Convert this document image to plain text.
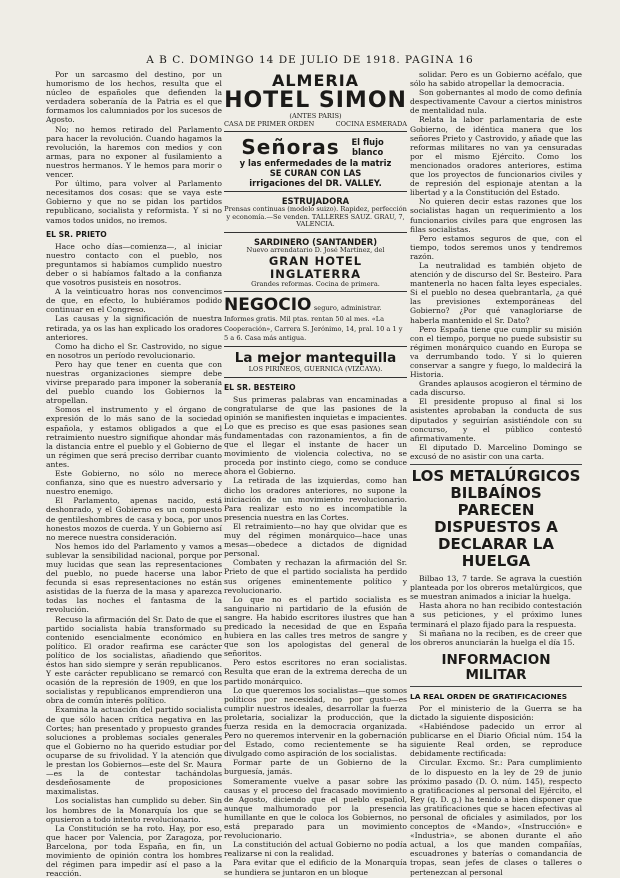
A B C. DOMINGO 14 DE JULIO DE 1918. PAGINA 16

Por un sarcasmo del destino, por un humorismo de los hechos, resulta que el núcleo de españoles que defienden la verdadera soberanía de la Patria es el que formamos los calumniados por los sucesos de Agosto.

No; no hemos retirado del Parlamento para hacer la revolución. Cuando hagamos la revolución, la haremos con medios y con armas, para no exponer al fusilamiento a nuestros hermanos. Y le hemos para morir o vencer.

Por último, para volver al Parlamento necesitamos dos cosas: que se vaya este Gobierno y que no se pidan los partidos republicano, socialista y reformista. Y si no vamos todos unidos, no iremos.

EL SR. PRIETO

Hace ocho días—comienza—, al iniciar nuestro contacto con el pueblo, nos preguntamos si habíamos cumplido nuestro deber o si habíamos faltado a la confianza que vosotros pusisteis en nosotros.

A la veinticuatro horas nos convencimos de que, en efecto, lo hubiéramos podido continuar en el Congreso.

Las causas y la significación de nuestra retirada, ya os las han explicado los oradores anteriores.

Como ha dicho el Sr. Castrovido, no sigue en nosotros un período revolucionario.

Pero hay que tener en cuenta que con nuestras organizaciones siempre debe vivirse preparado para imponer la soberanía del pueblo cuando los Gobiernos la atropellan.

Somos el instrumento y el órgano de expresión de lo más sano de la sociedad española, y estamos obligados a que el retraimiento nuestro signifique ahondar más la distancia entre el pueblo y el Gobierno de un régimen que será preciso derribar cuanto antes.

Este Gobierno, no sólo no merece confianza, sino que es nuestro adversario y nuestro enemigo.

El Parlamento, apenas nacido, está deshonrado, y el Gobierno es un compuesto de gentileshombres de casa y boca, por unos honestos mozos de cuerda. Y un Gobierno así no merece nuestra consideración.

Nos hemos ido del Parlamento y vamos a sublevar la sensibilidad nacional, porque por muy lucidas que sean las representaciones del pueblo, no puede hacerse una labor fecunda si esas representaciones no están asistidas de la fuerza de la masa y aparezca todas las noches el fantasma de la revolución.

Recuso la afirmación del Sr. Dato de que el partido socialista había transformado su contenido esencialmente económico en político. El orador reafirma ese carácter político de los socialistas, añadiendo que éstos han sido siempre y serán republicanos. Y este carácter republicano se remarcó con ocasión de la represión de 1909, en que los socialistas y republicanos emprendieron una obra de común interés político.

Examina la actuación del partido socialista de que sólo hacen crítica negativa en las Cortes; han presentado y propuesto grandes soluciones a problemas sociales generales que el Gobierno no ha querido estudiar por ocuparse de su frivolidad. Y la atención que le prestan los Gobiernos—este del Sr. Maura—es la de contestar tachándolas desdeñosamente de proposiciones maximalistas.

Los socialistas han cumplido su deber. Sin los hombres de la Monarquía los que se opusieron a todo intento revolucionario.

La Constitución se ha roto. Hay, por eso, que hacer por Valencia, por Zaragoza, por Barcelona, por toda España, en fin, un movimiento de opinión contra los hombres del régimen para impedir así el paso a la reacción.

ALMERIA
HOTEL SIMON
(ANTES PARIS)
CASA DE PRIMER ORDEN	COCINA ESMERADA
Señoras	El flujo blanco
y las enfermedades de la matriz
SE CURAN CON LAS
irrigaciones del DR. VALLEY.
ESTRUJADORA
Prensas continuas (modelo suizo). Rapidez, perfección y economía.—Se venden. TALLERES SAUZ. GRAU, 7, VALENCIA.
SARDINERO (SANTANDER)
Nuevo arrendatario D. José Martínez, del
GRAN HOTEL INGLATERRA
Grandes reformas. Cocina de primera.
NEGOCIO seguro, administrar. Informes gratis. Mil ptas. rentan 50 al mes. «La Cooperación», Carrera S. Jerónimo, 14, pral. 10 a 1 y 5 a 6. Casa más antigua.
La mejor mantequilla
LOS PIRINEOS, GUERNICA (VIZCAYA).
EL SR. BESTEIRO

Sus primeras palabras van encaminadas a congratularse de que las pasiones de la opinión se manifiesten inquietas e impacientes. Lo que es preciso es que esas pasiones sean fundamentadas con razonamientos, a fin de que el llegar el instante de hacer un movimiento de violencia colectiva, no se proceda por instinto ciego, como se conduce ahora el Gobierno.

La retirada de las izquierdas, como han dicho los oradores anteriores, no supone la iniciación de un movimiento revolucionario. Para realizar esto no es incompatible la presencia nuestra en las Cortes.

El retraimiento—no hay que olvidar que es muy del régimen monárquico—hace unas mesas—obedece a dictados de dignidad personal.

Combaten y rechazan la afirmación del Sr. Prieto de que el partido socialista ha perdido sus orígenes eminentemente político y revolucionario.

Lo que no es el partido socialista es sanguinario ni partidario de la efusión de sangre. Ha habido escritores ilustres que han predicado la necesidad de que en España hubiera en las calles tres metros de sangre y que son los apologistas del general de señoritos.

Pero estos escritores no eran socialistas. Resulta que eran de la extrema derecha de un partido monárquico.

Lo que queremos los socialistas—que somos políticos por necesidad, no por gusto—es cumplir nuestros ideales, desarrollar la fuerza proletaria, socializar la producción, que la fuerza resida en la democracia organizada. Pero no queremos intervenir en la gobernación del Estado, como recientemente se ha divulgado como aspiración de los socialistas.

Formar parte de un Gobierno de la burguesía, jamás.

Someramente vuelve a pasar sobre las causas y el proceso del fracasado movimiento de Agosto, diciendo que el pueblo español, aunque malhumorado por la presencia humillante en que le coloca los Gobiernos, no está preparado para un movimiento revolucionario.

La constitución del actual Gobierno no podía realizarse ni con la realidad.

Para evitar que el edificio de la Monarquía se hundiera se juntaron en un bloque

solidar. Pero es un Gobierno acéfalo, que sólo ha sabido atropellar la democracia.

Son gobernantes al modo de como definía despectivamente Cavour a ciertos ministros de mentalidad nula.

Relata la labor parlamentaria de este Gobierno, de idéntica manera que los señores Prieto y Castrovido, y añade que las reformas militares no van ya censuradas por el mismo Ejército. Como los mencionados oradores anteriores, estima que los proyectos de funcionarios civiles y de represión del espionaje atentan a la libertad y a la Constitución del Estado.

No quieren decir estas razones que los socialistas hagan un requerimiento a los funcionarios civiles para que engrosen las filas socialistas.

Pero estamos seguros de que, con el tiempo, todos seremos unos y tendremos razón.

La neutralidad es también objeto de atención y de discurso del Sr. Besteiro. Para mantenerla no hacen falta leyes especiales. Si el pueblo no desea quebrantarla, ¿a qué las previsiones extemporáneas del Gobierno? ¿Por qué vanagloriarse de haberla mantenido el Sr. Dato?

Pero España tiene que cumplir su misión con el tiempo, porque no puede subsistir su régimen monárquico cuando en Europa se va derrumbando todo. Y si lo quieren conservar a sangre y fuego, lo maldecirá la Historia.

Grandes aplausos acogieron el término de cada discurso.

El presidente propuso al final si los asistentes aprobaban la conducta de sus diputados y seguirían asistiéndole con su concurso, y el público contestó afirmativamente.

El diputado D. Marcelino Domingo se excusó de no asistir con una carta.

LOS METALÚRGICOS BILBAÍNOS PARECEN DISPUESTOS A DECLARAR LA HUELGA

Bilbao 13, 7 tarde. Se agrava la cuestión planteada por los obreros metalúrgicos, que se muestran animados a iniciar la huelga.

Hasta ahora no han recibido contestación a sus peticiones, y el próximo lunes terminará el plazo fijado para la respuesta.

Si mañana no la reciben, es de creer que los obreros anunciarán la huelga el día 15.

INFORMACION MILITAR
LA REAL ORDEN DE GRATIFICACIONES

Por el ministerio de la Guerra se ha dictado la siguiente disposición:

«Habiéndose padecido un error al publicarse en el Diario Oficial núm. 154 la siguiente Real orden, se reproduce debidamente rectificada:

Circular. Excmo. Sr.: Para cumplimiento de lo dispuesto en la ley de 29 de junio próximo pasado (D. O. núm. 145), respecto a gratificaciones al personal del Ejército, el Rey (q. D. g.) ha tenido a bien disponer que las gratificaciones que se hacen efectivas al personal de oficiales y asimilados, por los conceptos de «Mando», «Instrucción» e «Industria», se abonen durante el año actual, a los que manden compañías, escuadrones y baterías o comandancia de tropas, sean jefes de clases o talleres o pertenezcan al personal
